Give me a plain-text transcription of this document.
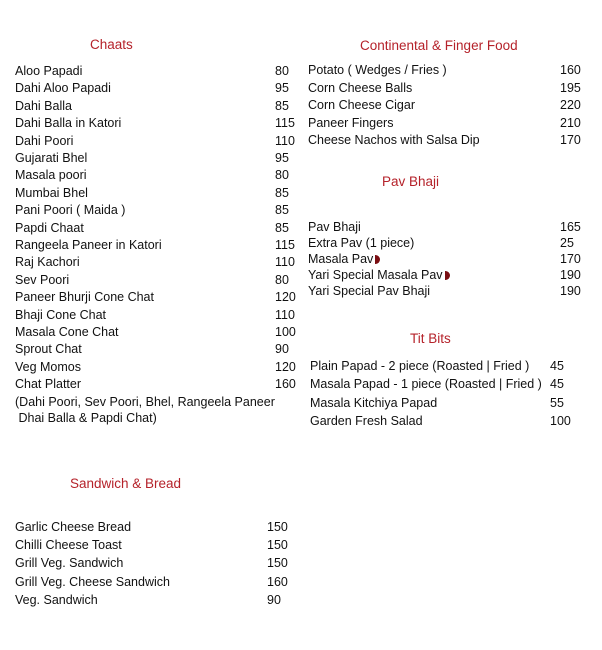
Chaats
Aloo Papadi	80
Dahi Aloo Papadi	95
Dahi Balla	85
Dahi Balla in Katori	115
Dahi Poori	110
Gujarati Bhel	95
Masala poori	80
Mumbai Bhel	85
Pani Poori ( Maida )	85
Papdi Chaat	85
Rangeela Paneer in Katori	115
Raj Kachori	110
Sev Poori	80
Paneer Bhurji Cone Chat	120
Bhaji Cone Chat	110
Masala Cone Chat	100
Sprout Chat	90
Veg Momos	120
Chat Platter	160
(Dahi Poori, Sev Poori, Bhel, Rangeela Paneer
Dhai Balla & Papdi Chat)
Continental & Finger Food
Potato ( Wedges / Fries )	160
Corn Cheese Balls	195
Corn Cheese Cigar	220
Paneer Fingers	210
Cheese Nachos with Salsa Dip	170
Pav Bhaji
Pav Bhaji	165
Extra Pav (1 piece)	25
Masala Pav	170
Yari Special Masala Pav	190
Yari Special Pav Bhaji	190
Tit Bits
Plain Papad - 2 piece (Roasted | Fried ) 45
Masala Papad - 1 piece (Roasted | Fried ) 45
Masala Kitchiya Papad	55
Garden Fresh Salad	100
Sandwich & Bread
Garlic Cheese Bread	150
Chilli Cheese Toast	150
Grill Veg. Sandwich	150
Grill Veg. Cheese Sandwich	160
Veg. Sandwich	90
